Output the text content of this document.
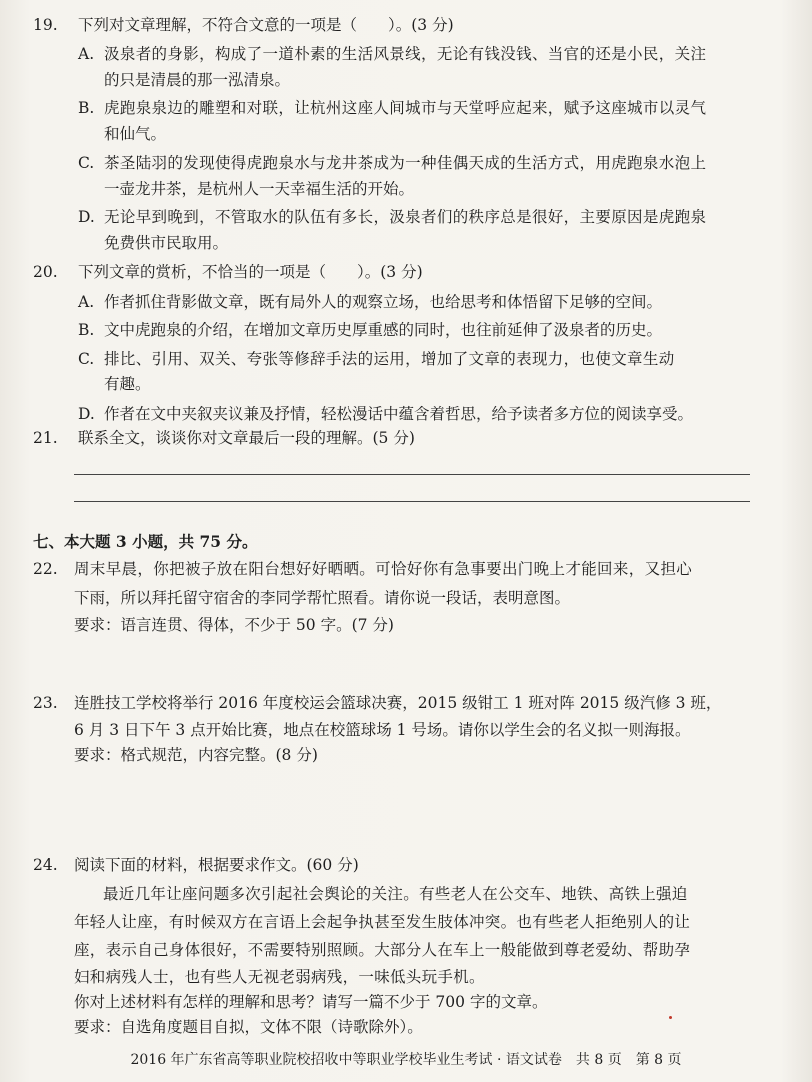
19. 下列对文章理解，不符合文意的一项是（　　）。(3 分)
A. 汲泉者的身影，构成了一道朴素的生活风景线，无论有钱没钱、当官的还是小民，关注
的只是清晨的那一泓清泉。
B. 虎跑泉泉边的雕塑和对联，让杭州这座人间城市与天堂呼应起来，赋予这座城市以灵气
和仙气。
C. 茶圣陆羽的发现使得虎跑泉水与龙井茶成为一种佳偶天成的生活方式，用虎跑泉水泡上
一壶龙井茶，是杭州人一天幸福生活的开始。
D. 无论早到晚到，不管取水的队伍有多长，汲泉者们的秩序总是很好，主要原因是虎跑泉
免费供市民取用。
20. 下列文章的赏析，不恰当的一项是（　　）。(3 分)
A. 作者抓住背影做文章，既有局外人的观察立场，也给思考和体悟留下足够的空间。
B. 文中虎跑泉的介绍，在增加文章历史厚重感的同时，也往前延伸了汲泉者的历史。
C. 排比、引用、双关、夸张等修辞手法的运用，增加了文章的表现力，也使文章生动
有趣。
D. 作者在文中夹叙夹议兼及抒情，轻松漫话中蕴含着哲思，给予读者多方位的阅读享受。
21. 联系全文，谈谈你对文章最后一段的理解。(5 分)
七、本大题 3 小题，共 75 分。
22. 周末早晨，你把被子放在阳台想好好晒晒。可恰好你有急事要出门晚上才能回来，又担心
下雨，所以拜托留守宿舍的李同学帮忙照看。请你说一段话，表明意图。
要求：语言连贯、得体，不少于 50 字。(7 分)
23. 连胜技工学校将举行 2016 年度校运会篮球决赛，2015 级钳工 1 班对阵 2015 级汽修 3 班，
6 月 3 日下午 3 点开始比赛，地点在校篮球场 1 号场。请你以学生会的名义拟一则海报。
要求：格式规范，内容完整。(8 分)
24. 阅读下面的材料，根据要求作文。(60 分)
最近几年让座问题多次引起社会舆论的关注。有些老人在公交车、地铁、高铁上强迫
年轻人让座，有时候双方在言语上会起争执甚至发生肢体冲突。也有些老人拒绝别人的让
座，表示自己身体很好，不需要特别照顾。大部分人在车上一般能做到尊老爱幼、帮助孕
妇和病残人士，也有些人无视老弱病残，一味低头玩手机。
你对上述材料有怎样的理解和思考？请写一篇不少于 700 字的文章。
要求：自选角度题目自拟，文体不限（诗歌除外）。
2016 年广东省高等职业院校招收中等职业学校毕业生考试 · 语文试卷　共 8 页　第 8 页
